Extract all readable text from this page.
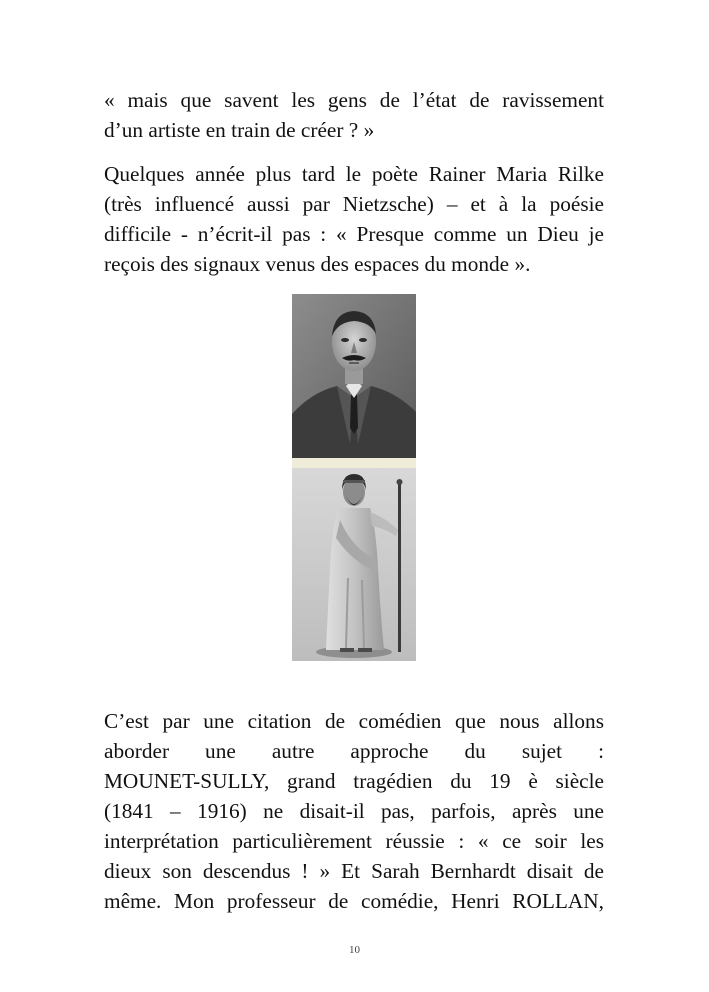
« mais que savent les gens de l’état de ravissement
d’un artiste en train de créer ? »

Quelques année plus tard le poète Rainer Maria Rilke
(très influencé aussi par Nietzsche) – et à la poésie
difficile - n’écrit-il pas : « Presque comme un Dieu je
reçois des signaux venus des espaces du monde ».

C’est par une citation de comédien que nous allons
aborder une autre approche du sujet :
MOUNET-SULLY, grand tragédien du 19 è siècle
(1841 – 1916) ne disait-il pas, parfois, après une
interprétation particulièrement réussie : « ce soir les
dieux son descendus ! » Et Sarah Bernhardt disait de
même. Mon professeur de comédie, Henri ROLLAN,

10
